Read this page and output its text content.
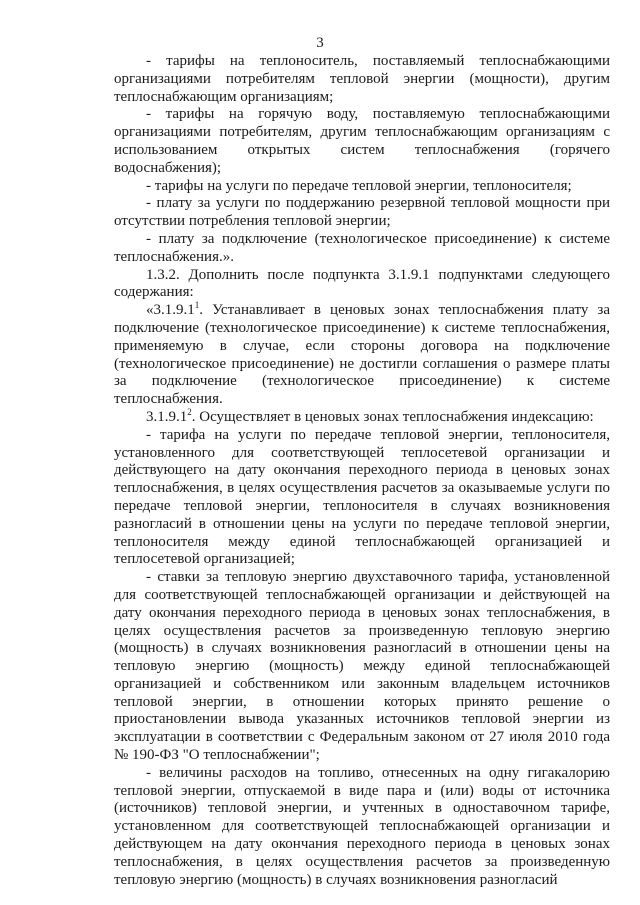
3

- тарифы на теплоноситель, поставляемый теплоснабжающими организациями потребителям тепловой энергии (мощности), другим теплоснабжающим организациям;

- тарифы на горячую воду, поставляемую теплоснабжающими организациями потребителям, другим теплоснабжающим организациям с использованием открытых систем теплоснабжения (горячего водоснабжения);

- тарифы на услуги по передаче тепловой энергии, теплоносителя;

- плату за услуги по поддержанию резервной тепловой мощности при отсутствии потребления тепловой энергии;

- плату за подключение (технологическое присоединение) к системе теплоснабжения.».

1.3.2. Дополнить после подпункта 3.1.9.1 подпунктами следующего содержания:

«3.1.9.1$^1$. Устанавливает в ценовых зонах теплоснабжения плату за подключение (технологическое присоединение) к системе теплоснабжения, применяемую в случае, если стороны договора на подключение (технологическое присоединение) не достигли соглашения о размере платы за подключение (технологическое присоединение) к системе теплоснабжения.

3.1.9.1$^2$. Осуществляет в ценовых зонах теплоснабжения индексацию:

- тарифа на услуги по передаче тепловой энергии, теплоносителя, установленного для соответствующей теплосетевой организации и действующего на дату окончания переходного периода в ценовых зонах теплоснабжения, в целях осуществления расчетов за оказываемые услуги по передаче тепловой энергии, теплоносителя в случаях возникновения разногласий в отношении цены на услуги по передаче тепловой энергии, теплоносителя между единой теплоснабжающей организацией и теплосетевой организацией;

- ставки за тепловую энергию двухставочного тарифа, установленной для соответствующей теплоснабжающей организации и действующей на дату окончания переходного периода в ценовых зонах теплоснабжения, в целях осуществления расчетов за произведенную тепловую энергию (мощность) в случаях возникновения разногласий в отношении цены на тепловую энергию (мощность) между единой теплоснабжающей организацией и собственником или законным владельцем источников тепловой энергии, в отношении которых принято решение о приостановлении вывода указанных источников тепловой энергии из эксплуатации в соответствии с Федеральным законом от 27 июля 2010 года № 190-ФЗ "О теплоснабжении";

- величины расходов на топливо, отнесенных на одну гигакалорию тепловой энергии, отпускаемой в виде пара и (или) воды от источника (источников) тепловой энергии, и учтенных в одноставочном тарифе, установленном для соответствующей теплоснабжающей организации и действующем на дату окончания переходного периода в ценовых зонах теплоснабжения, в целях осуществления расчетов за произведенную тепловую энергию (мощность) в случаях возникновения разногласий
